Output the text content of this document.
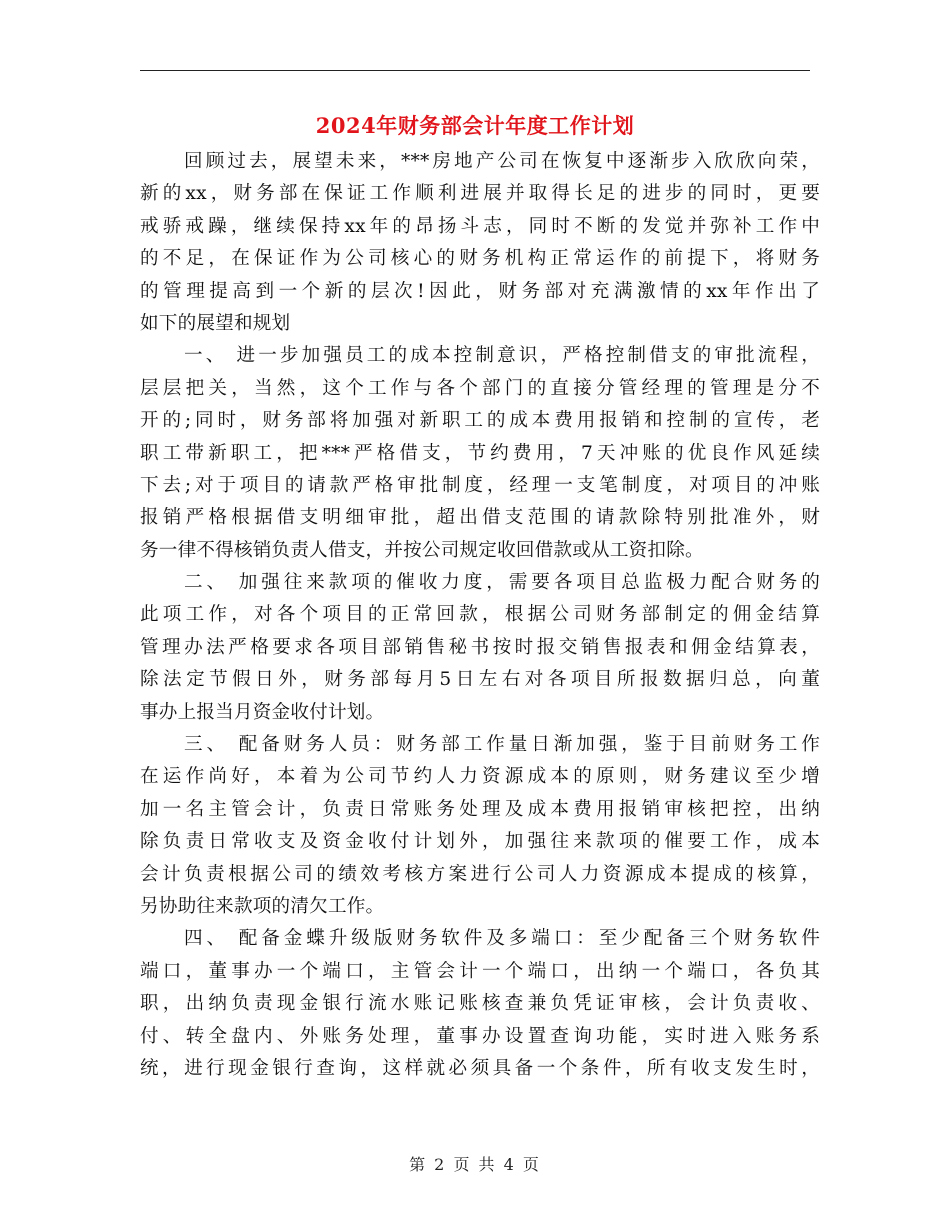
2024年财务部会计年度工作计划
回顾过去，展望未来，***房地产公司在恢复中逐渐步入欣欣向荣，
新的xx，财务部在保证工作顺利进展并取得长足的进步的同时，更要
戒骄戒躁，继续保持xx年的昂扬斗志，同时不断的发觉并弥补工作中
的不足，在保证作为公司核心的财务机构正常运作的前提下，将财务
的管理提高到一个新的层次!因此，财务部对充满激情的xx年作出了
如下的展望和规划
一、 进一步加强员工的成本控制意识，严格控制借支的审批流程，
层层把关，当然，这个工作与各个部门的直接分管经理的管理是分不
开的;同时，财务部将加强对新职工的成本费用报销和控制的宣传，老
职工带新职工，把***严格借支，节约费用，7天冲账的优良作风延续
下去;对于项目的请款严格审批制度，经理一支笔制度，对项目的冲账
报销严格根据借支明细审批，超出借支范围的请款除特别批准外，财
务一律不得核销负责人借支，并按公司规定收回借款或从工资扣除。
二、 加强往来款项的催收力度，需要各项目总监极力配合财务的
此项工作，对各个项目的正常回款，根据公司财务部制定的佣金结算
管理办法严格要求各项目部销售秘书按时报交销售报表和佣金结算表，
除法定节假日外，财务部每月5日左右对各项目所报数据归总，向董
事办上报当月资金收付计划。
三、 配备财务人员：财务部工作量日渐加强，鉴于目前财务工作
在运作尚好，本着为公司节约人力资源成本的原则，财务建议至少增
加一名主管会计，负责日常账务处理及成本费用报销审核把控，出纳
除负责日常收支及资金收付计划外，加强往来款项的催要工作，成本
会计负责根据公司的绩效考核方案进行公司人力资源成本提成的核算，
另协助往来款项的清欠工作。
四、 配备金蝶升级版财务软件及多端口：至少配备三个财务软件
端口，董事办一个端口，主管会计一个端口，出纳一个端口，各负其
职，出纳负责现金银行流水账记账核查兼负凭证审核，会计负责收、
付、转全盘内、外账务处理，董事办设置查询功能，实时进入账务系
统，进行现金银行查询，这样就必须具备一个条件，所有收支发生时，
第 2 页 共 4 页
